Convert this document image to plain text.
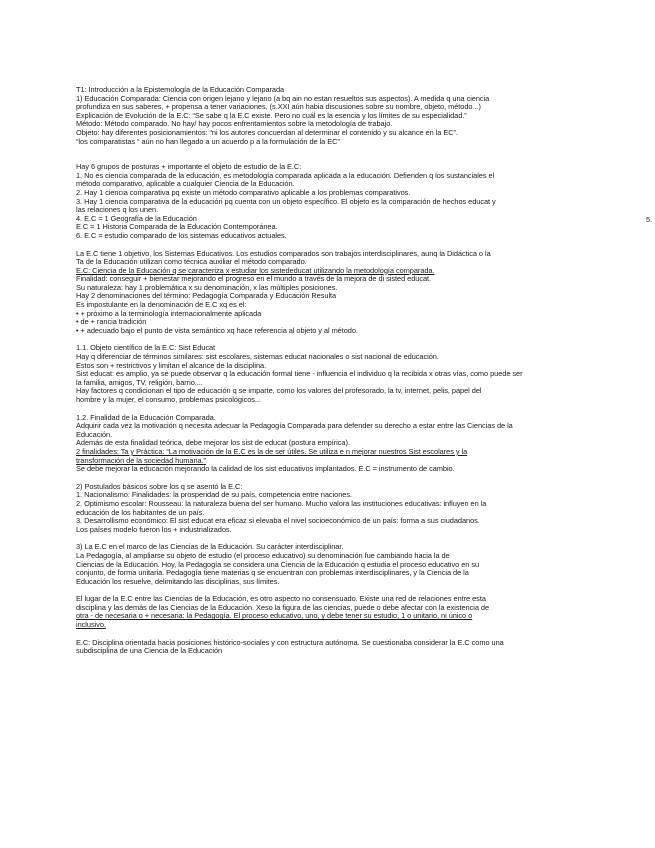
T1: Introducción a la Epistemología de la Educación Comparada
1) Educación Comparada: Ciencia con origen lejano y lejano (a bq ain no estan resueltos sus aspectos). A medida q una ciencia
profundiza en sus saberes, + propensa a tener variaciones, (s.XXI aún habia discusiones sobre su nombre, objeto, método...)
Explicación de Evolución de la E.C: “Se sabe q la E.C existe. Pero no cuál es la esencia y los límites de su especialidad.”
Método: Método comparado. No hay/ hay pocos enfrentamientos sobre la metodología de trabajo.
Objeto: hay diferentes posicionamientos: “ni los autores concuerdan al determinar el contenido y su alcance en la EC”.
“los comparatistas “ aún no han llegado a un acuerdo p a la formulación de la EC”
Hay 6 grupos de posturas + importante el objeto de estudio de la E.C:
1. No es ciencia comparada de la educación, es metodología comparada aplicada a la educación. Defienden q los sustanciales el
método comparativo, aplicable a cualquier Ciencia de la Educación.
2. Hay 1 ciencia comparativa pq existe un método comparativo aplicable a los problemas comparativos.
3. Hay 1 ciencia comparativa de la educación pq cuenta con un objeto específico. El objeto es la comparación de hechos educat y
las relaciones q los unen.
4. E.C = 1 Geografía de la Educación
E.C = 1 Historia Comparada de la Educación Contemporánea.
6. E.C = estudio comparado de los sistemas educativos actuales.
5.
La E.C tiene 1 objetivo, los Sistemas Educativos. Los estudios comparados son trabajos interdisciplinares, aunq la Didáctica o la
Ta de la Educación utilizan como técnica auxiliar el método comparado.
E.C: Ciencia de la Educación q se caracteriza x estudiar los sistededucat utilizando la metodología comparada.
Finalidad: conseguir + bienestar mejorando el progreso en el mundo a través de la mejora de di sisted educat.
Su naturaleza: hay 1 problemática x su denominación, x las múltiples posiciones.
Hay 2 denominaciones del término: Pedagogía Comparada y Educación Resulta
Es impostulante en la denominación de E.C xq es el:
• + próximo a la terminología internacionalmente aplicada
• de + rancia tradición
• + adecuado bajo el punto de vista semántico xq hace referencia al objeto y al método.
1.1. Objeto científico de la E.C: Sist Educat
Hay q diferenciar de términos similares: sist escolares, sistemas educat nacionales o sist nacional de educación.
Estos son + restrictivos y limitan el alcance de la disciplina.
Sist educat: es amplio, ya se puede observar q la educación formal tiene - influencia el individuo q la recibida x otras vías, como puede ser
la familia, amigos, TV, religión, barrio....
Hay factores q condicionan el tipo de educación q se imparte, como los valores del profesorado, la tv, internet, pelis, papel del
hombre y la mujer, el consumo, problemas psicológicos...
1.2. Finalidad de la Educación Comparada.
Adquirir cada vez la motivación q necesita adecuar la Pedagogía Comparada para defender su derecho a estar entre las Ciencias de la
Educación.
Además de esta finalidad teórica, debe mejorar los sist de educat (postura empírica).
2 finalidades: Ta y Práctica: “La motivación de la E.C es la de ser útiles. Se utiliza e n mejorar nuestros Sist escolares y la
transformación de la sociedad humana.”
Se debe mejorar la educación mejorando la calidad de los sist educativos implantados. E.C = instrumento de cambio.
2) Postulados básicos sobre los q se asentó la E.C:
1. Nacionalismo: Finalidades: la prosperidad de su país, competencia entre naciones.
2. Optimismo escolar: Rousseau: la naturaleza buena del ser humano. Mucho valora las instituciones educativas: influyen en la
educación de los habitantes de un país.
3. Desarrollismo económico: El sist educat era eficaz si elevaba el nivel socioeconómico de un país: forma a sus ciudadanos.
Los países modelo fueron los + industrializados.
3) La E.C en el marco de las Ciencias de la Educación. Su carácter interdisciplinar.
La Pedagogía, al ampliarse su objeto de estudio (el proceso educativo) su denominación fue cambiando hacia la de
Ciencias de la Educación. Hoy, la Pedagogía se considera una Ciencia de la Educación q estudia el proceso educativo en su
conjunto, de forma unitaria. Pedagogía tiene materias q se encuentran con problemas interdisciplinares, y la Ciencia de la
Educación los resuelve, delimitando las disciplinas, sus límites.
El lugar de la E.C entre las Ciencias de la Educación, es otro aspecto no consensuado. Existe una red de relaciones entre esta
disciplina y las demás de las Ciencias de la Educación. Xeso la figura de las ciencias, puede o debe afectar con la existencia de
otra - de necesaria o + necesaria: la Pedagogía. El proceso educativo, uno, y debe tener su estudio, 1 o unitario, ni único o
inclusivo.
E.C: Disciplina orientada hacia posiciones histórico-sociales y con estructura autónoma. Se cuestionaba considerar la E.C como una
subdisciplina de una Ciencia de la Educación
